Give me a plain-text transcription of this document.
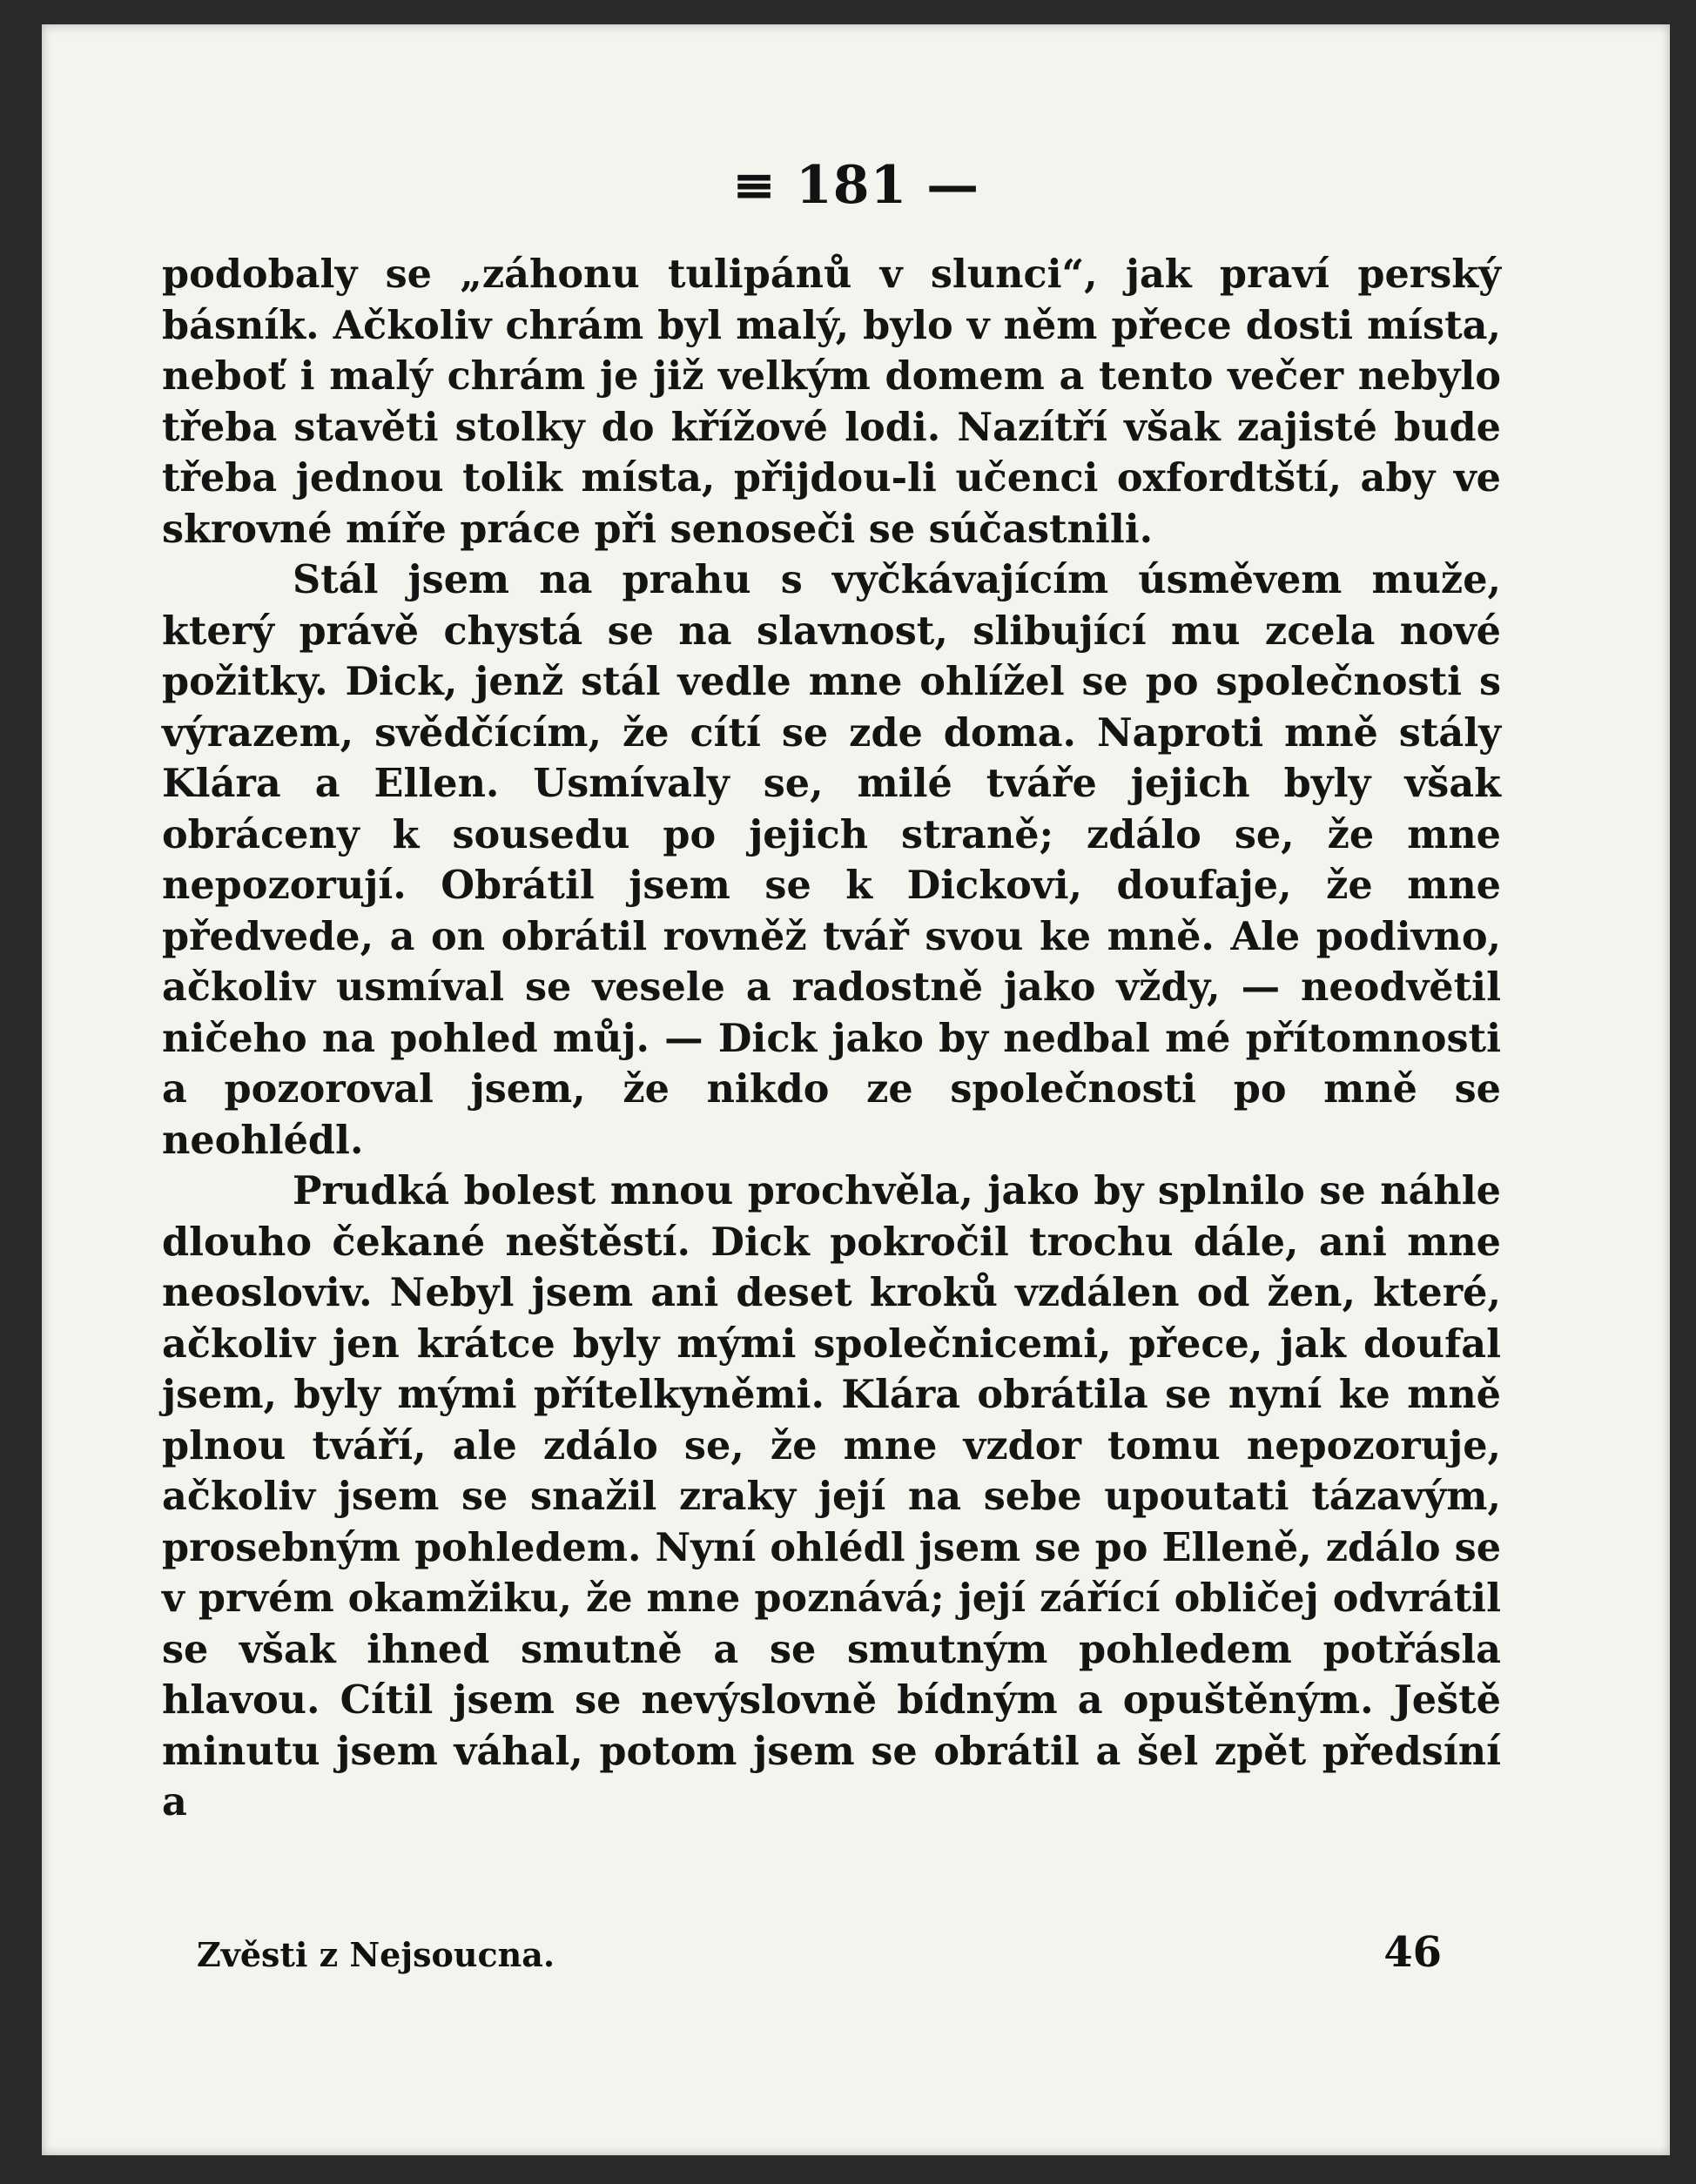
≡ 181 —

podobaly se „záhonu tulipánů v slunci“, jak praví perský básník. Ačkoliv chrám byl malý, bylo v něm přece dosti místa, neboť i malý chrám je již velkým domem a tento večer nebylo třeba stavěti stolky do křížové lodi. Nazítří však zajisté bude třeba jednou tolik místa, přijdou-li učenci oxfordtští, aby ve skrovné míře práce při senoseči se súčastnili.

Stál jsem na prahu s vyčkávajícím úsměvem muže, který právě chystá se na slavnost, slibující mu zcela nové požitky. Dick, jenž stál vedle mne ohlížel se po společnosti s výrazem, svědčícím, že cítí se zde doma. Naproti mně stály Klára a Ellen. Usmívaly se, milé tváře jejich byly však obráceny k sousedu po jejich straně; zdálo se, že mne nepozorují. Obrátil jsem se k Dickovi, doufaje, že mne předvede, a on obrátil rovněž tvář svou ke mně. Ale podivno, ačkoliv usmíval se vesele a radostně jako vždy, — neodvětil ničeho na pohled můj. — Dick jako by nedbal mé přítomnosti a pozoroval jsem, že nikdo ze společnosti po mně se neohlédl.

Prudká bolest mnou prochvěla, jako by splnilo se náhle dlouho čekané neštěstí. Dick pokročil trochu dále, ani mne neosloviv. Nebyl jsem ani deset kroků vzdálen od žen, které, ačkoliv jen krátce byly mými společnicemi, přece, jak doufal jsem, byly mými přítelkyněmi. Klára obrátila se nyní ke mně plnou tváří, ale zdálo se, že mne vzdor tomu nepozoruje, ačkoliv jsem se snažil zraky její na sebe upoutati tázavým, prosebným pohledem. Nyní ohlédl jsem se po Elleně, zdálo se v prvém okamžiku, že mne poznává; její zářící obličej odvrátil se však ihned smutně a se smutným pohledem potřásla hlavou. Cítil jsem se nevýslovně bídným a opuštěným. Ještě minutu jsem váhal, potom jsem se obrátil a šel zpět předsíní a

Zvěsti z Nejsoucna.	46
